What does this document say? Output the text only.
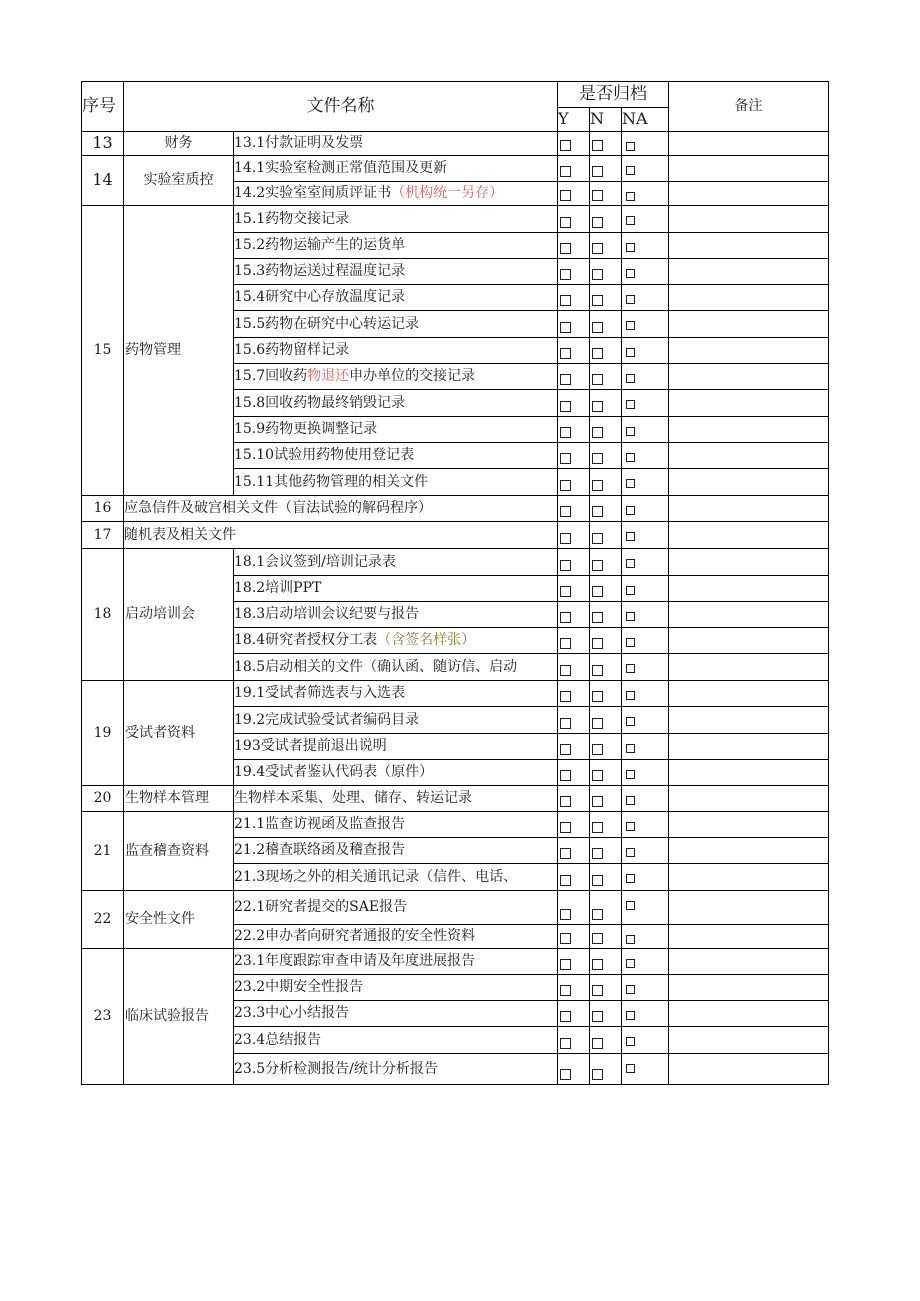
序号	文件名称		是否归档			备注
			Y	N	NA	
13	财务	13.1付款证明及发票				
14	实验室质控	14.1实验室检测正常值范围及更新				
		14.2实验室室间质评证书（机构统一另存）				
15	药物管理	15.1药物交接记录				
		15.2药物运输产生的运货单				
		15.3药物运送过程温度记录				
		15.4研究中心存放温度记录				
		15.5药物在研究中心转运记录				
		15.6药物留样记录				
		15.7回收药物退还申办单位的交接记录				
		15.8回收药物最终销毁记录				
		15.9药物更换调整记录				
		15.10试验用药物使用登记表				
		15.11其他药物管理的相关文件				
16	应急信件及破宫相关文件（盲法试验的解码程序）					
17	随机表及相关文件					
18	启动培训会	18.1会议签到/培训记录表				
		18.2培训PPT				
		18.3启动培训会议纪要与报告				
		18.4研究者授权分工表（含签名样张）				
		18.5启动相关的文件（确认函、随访信、启动				
19	受试者资料	19.1受试者筛选表与入选表				
		19.2完成试验受试者编码目录				
		193受试者提前退出说明				
		19.4受试者鉴认代码表（原件）				
20	生物样本管理	生物样本采集、处理、储存、转运记录				
21	监查稽查资料	21.1监查访视函及监查报告				
		21.2稽查联络函及稽查报告				
		21.3现场之外的相关通讯记录（信件、电话、				
22	安全性文件	22.1研究者提交的SAE报告				
		22.2申办者向研究者通报的安全性资料				
23	临床试验报告	23.1年度跟踪审查申请及年度进展报告				
		23.2中期安全性报告				
		23.3中心小结报告				
		23.4总结报告				
		23.5分析检测报告/统计分析报告				
